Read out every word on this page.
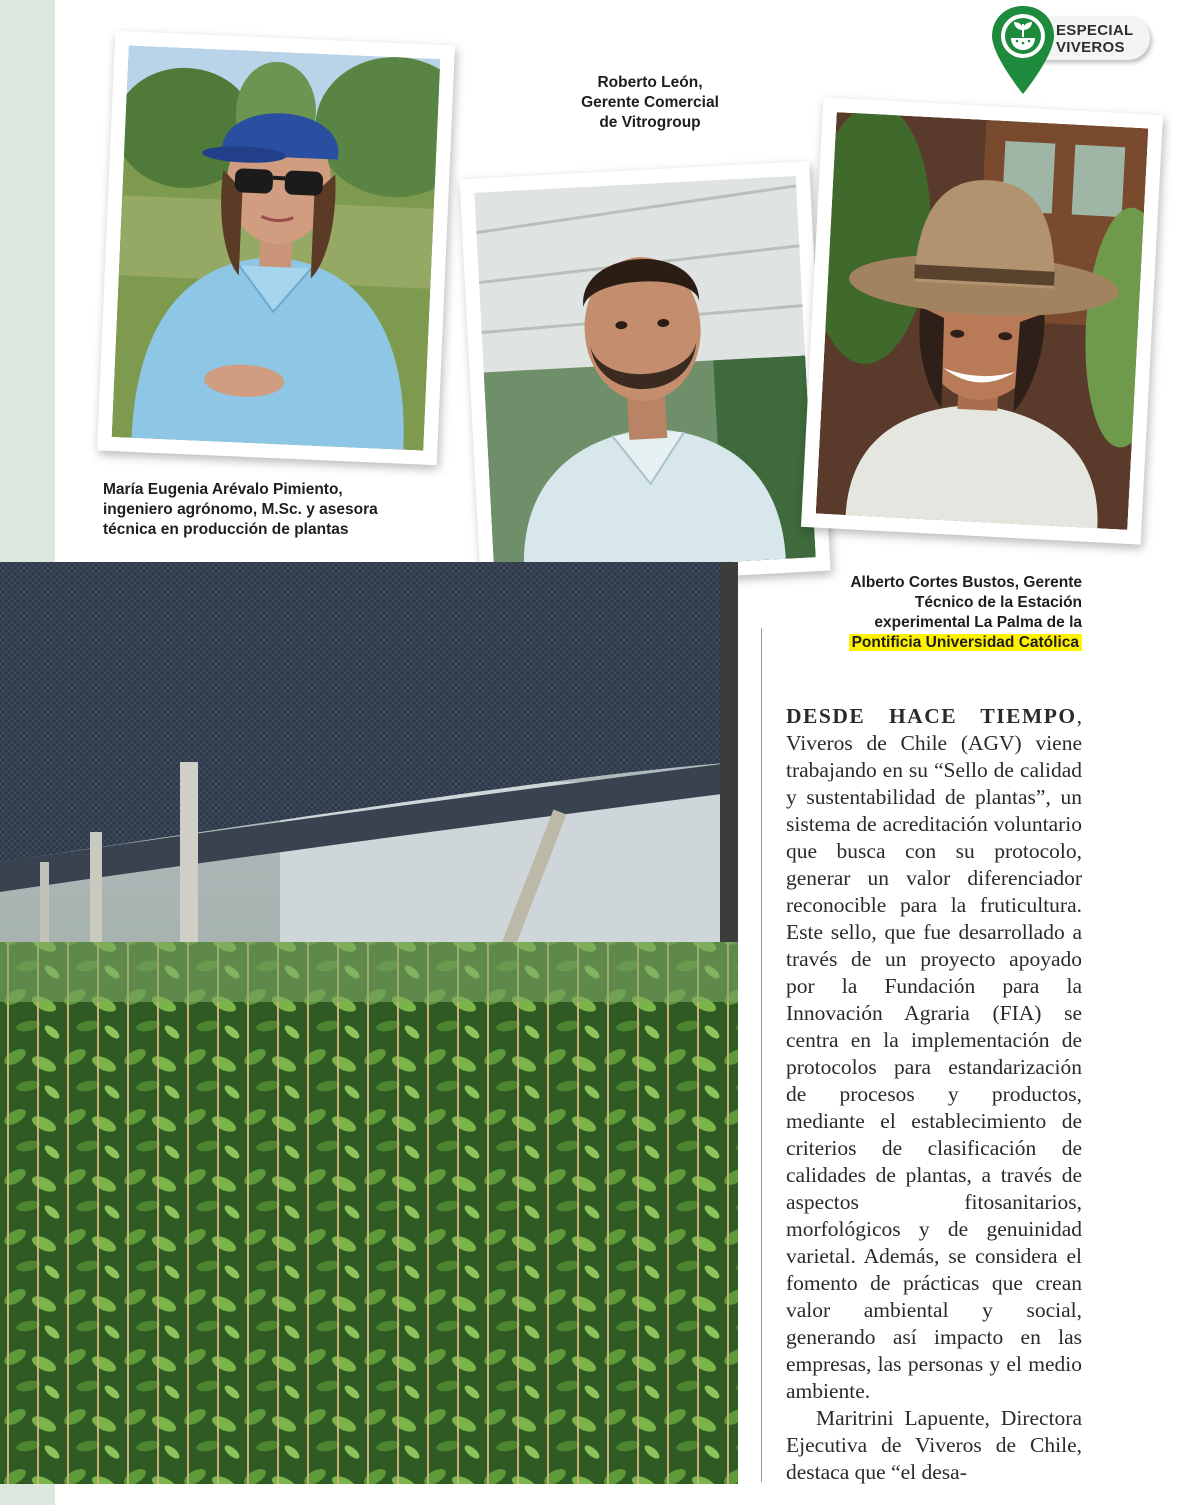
ESPECIAL
VIVEROS
María Eugenia Arévalo Pimiento, ingeniero agrónomo, M.Sc. y asesora técnica en producción de plantas
Roberto León,
Gerente Comercial
de Vitrogroup
Alberto Cortes Bustos, Gerente Técnico de la Estación experimental La Palma de la
Pontificia Universidad Católica

DESDE HACE TIEMPO, Viveros de Chile (AGV) viene trabajando en su “Sello de calidad y sustentabilidad de plantas”, un sistema de acreditación voluntario que busca con su protocolo, generar un valor diferenciador reconocible para la fruticultura. Este sello, que fue desarrollado a través de un proyecto apoyado por la Fundación para la Innovación Agraria (FIA) se centra en la implementación de protocolos para estandarización de procesos y productos, mediante el establecimiento de criterios de clasificación de calidades de plantas, a través de aspectos fitosanitarios, morfológicos y de genuinidad varietal. Además, se considera el fomento de prácticas que crean valor ambiental y social, generando así impacto en las empresas, las personas y el medio ambiente.

Maritrini Lapuente, Directora Ejecutiva de Viveros de Chile, destaca que “el desa-
